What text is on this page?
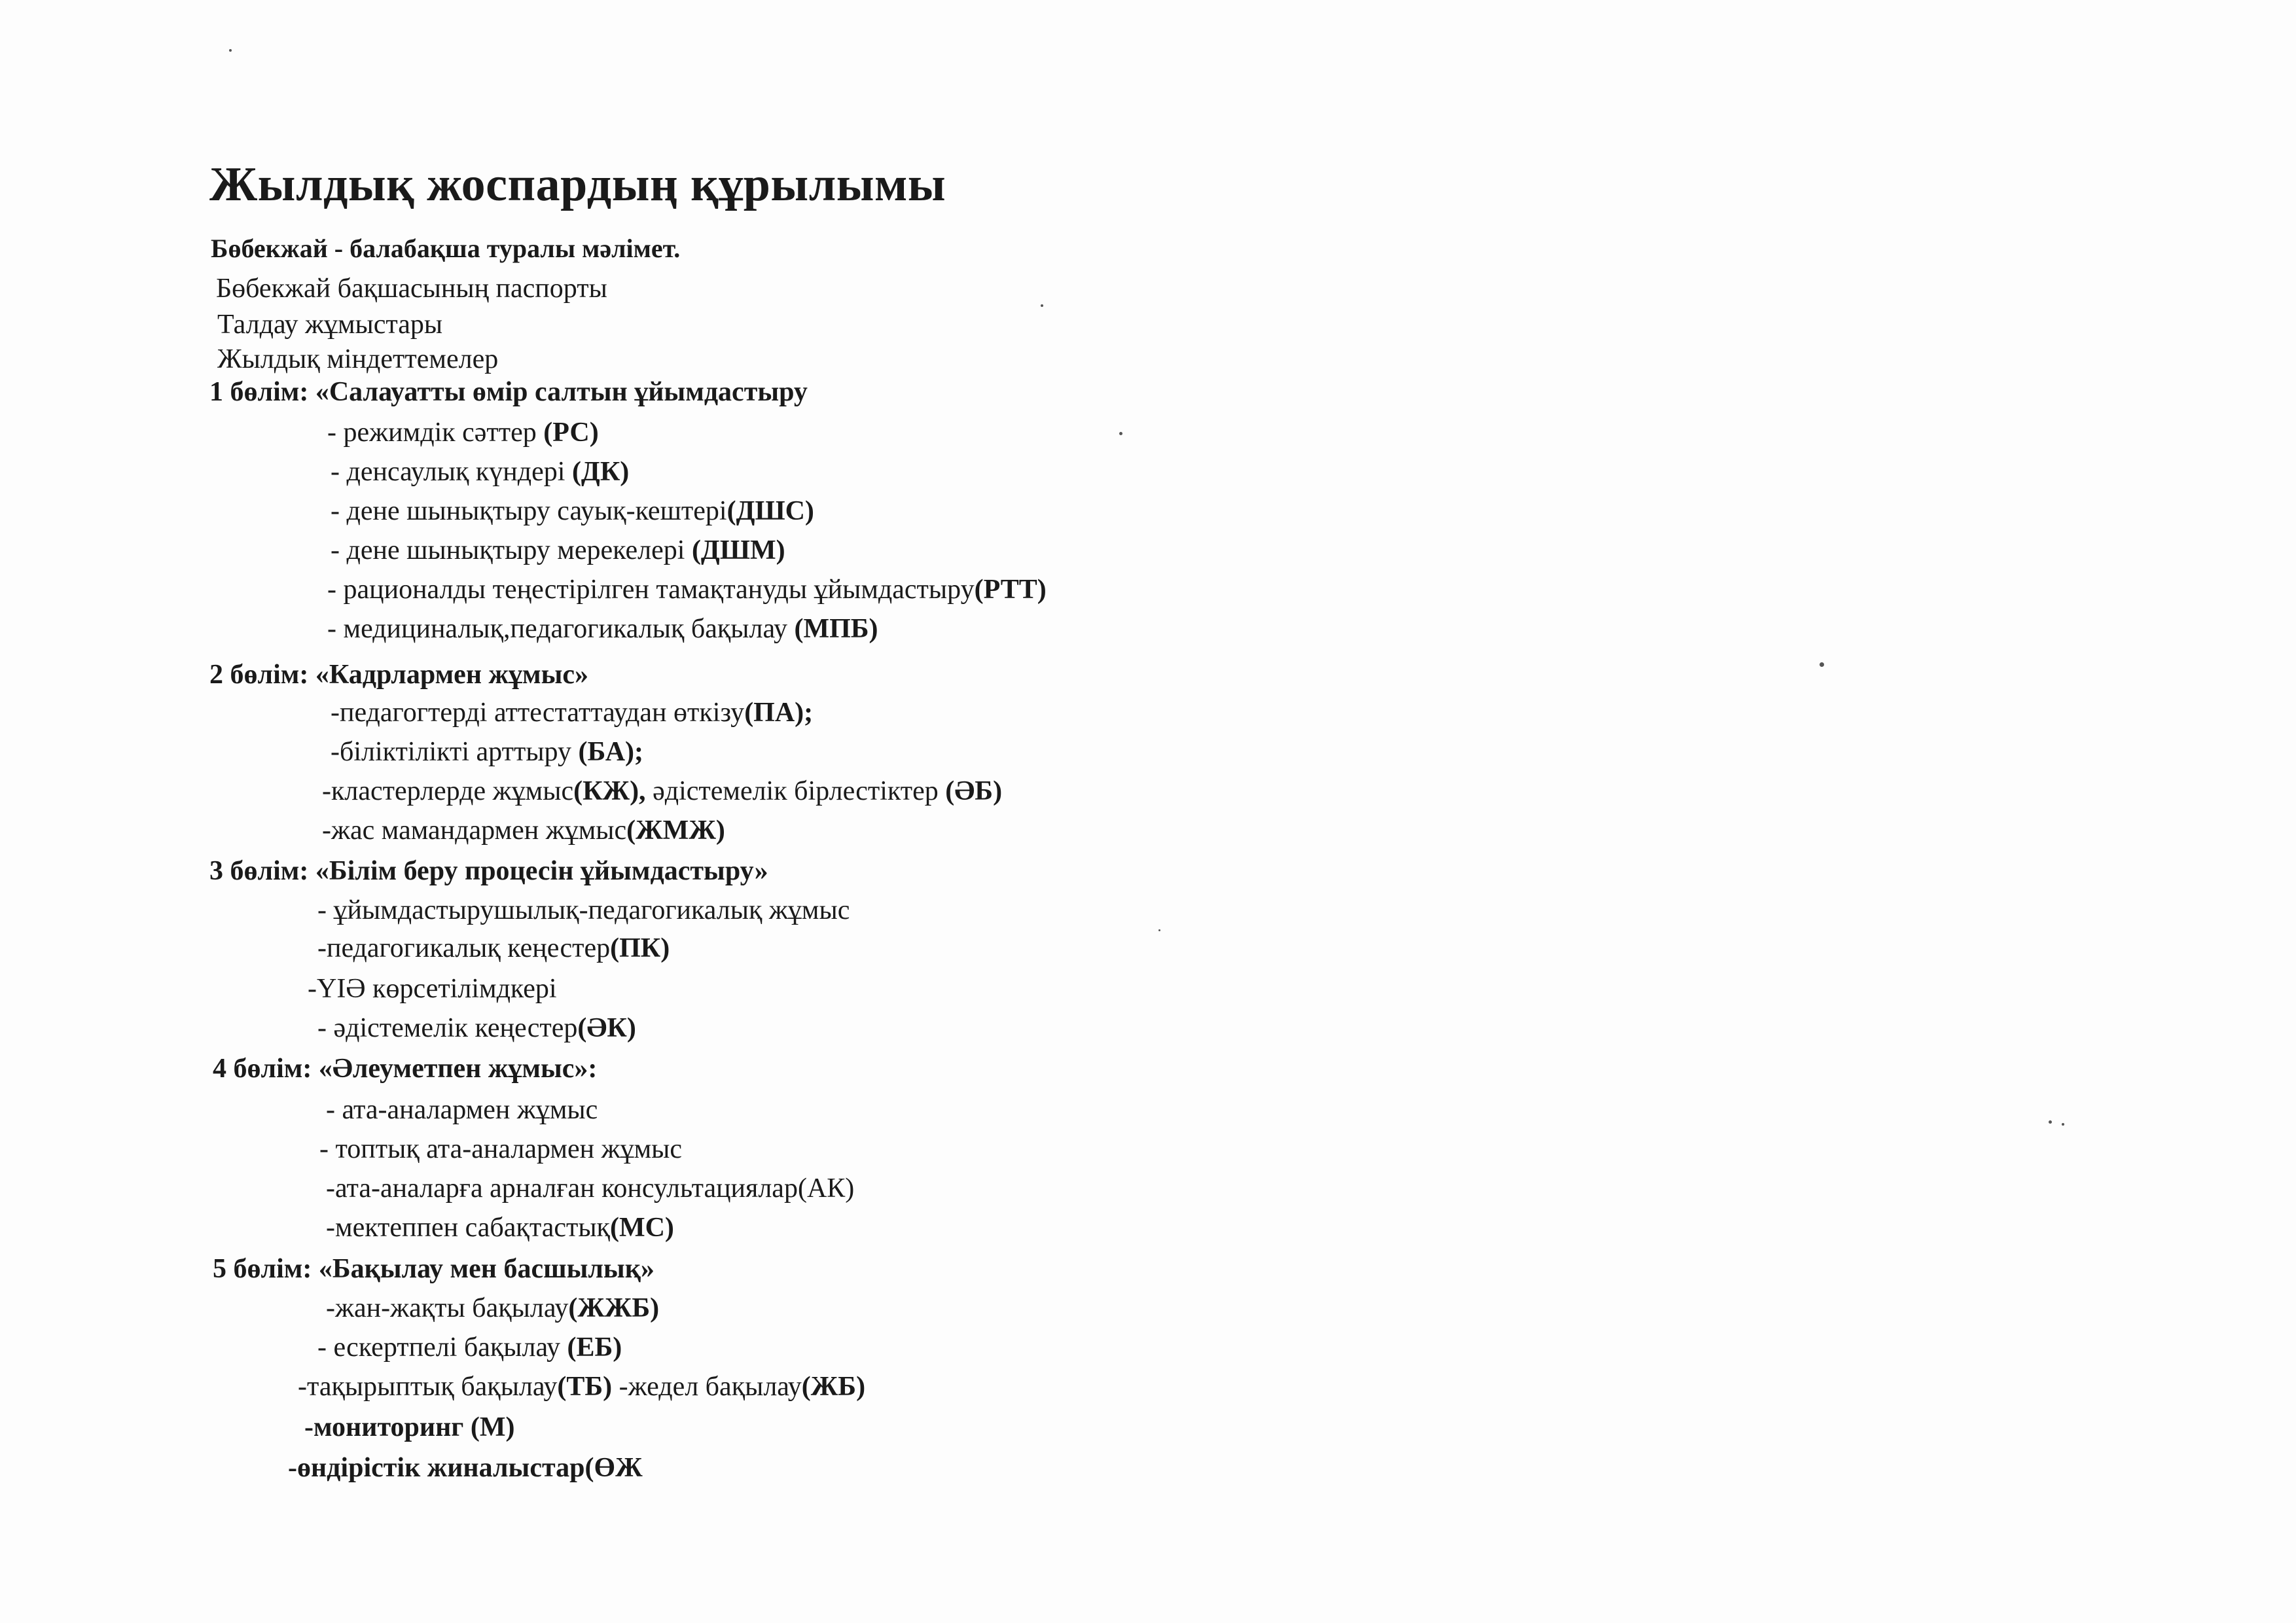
Жылдық жоспардың құрылымы
Бөбекжай - балабақша туралы мәлімет.
Бөбекжай бақшасының паспорты
Талдау жұмыстары
Жылдық міндеттемелер
1 бөлім: «Салауатты өмір салтын ұйымдастыру
- режимдік сәттер (РС)
- денсаулық күндері (ДК)
- дене шынықтыру сауық-кештері(ДШС)
- дене шынықтыру мерекелері (ДШМ)
- рационалды теңестірілген тамақтануды ұйымдастыру(РТТ)
- медициналық,педагогикалық бақылау (МПБ)
2 бөлім: «Кадрлармен жұмыс»
-педагогтерді аттестаттаудан өткізу(ПА);
-біліктілікті арттыру (БА);
-кластерлерде жұмыс(КЖ), әдістемелік бірлестіктер (ӘБ)
-жас мамандармен жұмыс(ЖМЖ)
3 бөлім: «Білім беру процесін ұйымдастыру»
- ұйымдастырушылық-педагогикалық жұмыс
-педагогикалық кеңестер(ПК)
-ҮІӘ көрсетілімдкері
- әдістемелік кеңестер(ӘК)
4 бөлім: «Әлеуметпен жұмыс»:
- ата-аналармен жұмыс
- топтық ата-аналармен жұмыс
-ата-аналарға арналған консультациялар(АК)
-мектеппен сабақтастық(МС)
5 бөлім: «Бақылау мен басшылық»
-жан-жақты бақылау(ЖЖБ)
- ескертпелі бақылау (ЕБ)
-тақырыптық бақылау(ТБ) -жедел бақылау(ЖБ)
-мониторинг (М)
-өндірістік жиналыстар(ӨЖ
